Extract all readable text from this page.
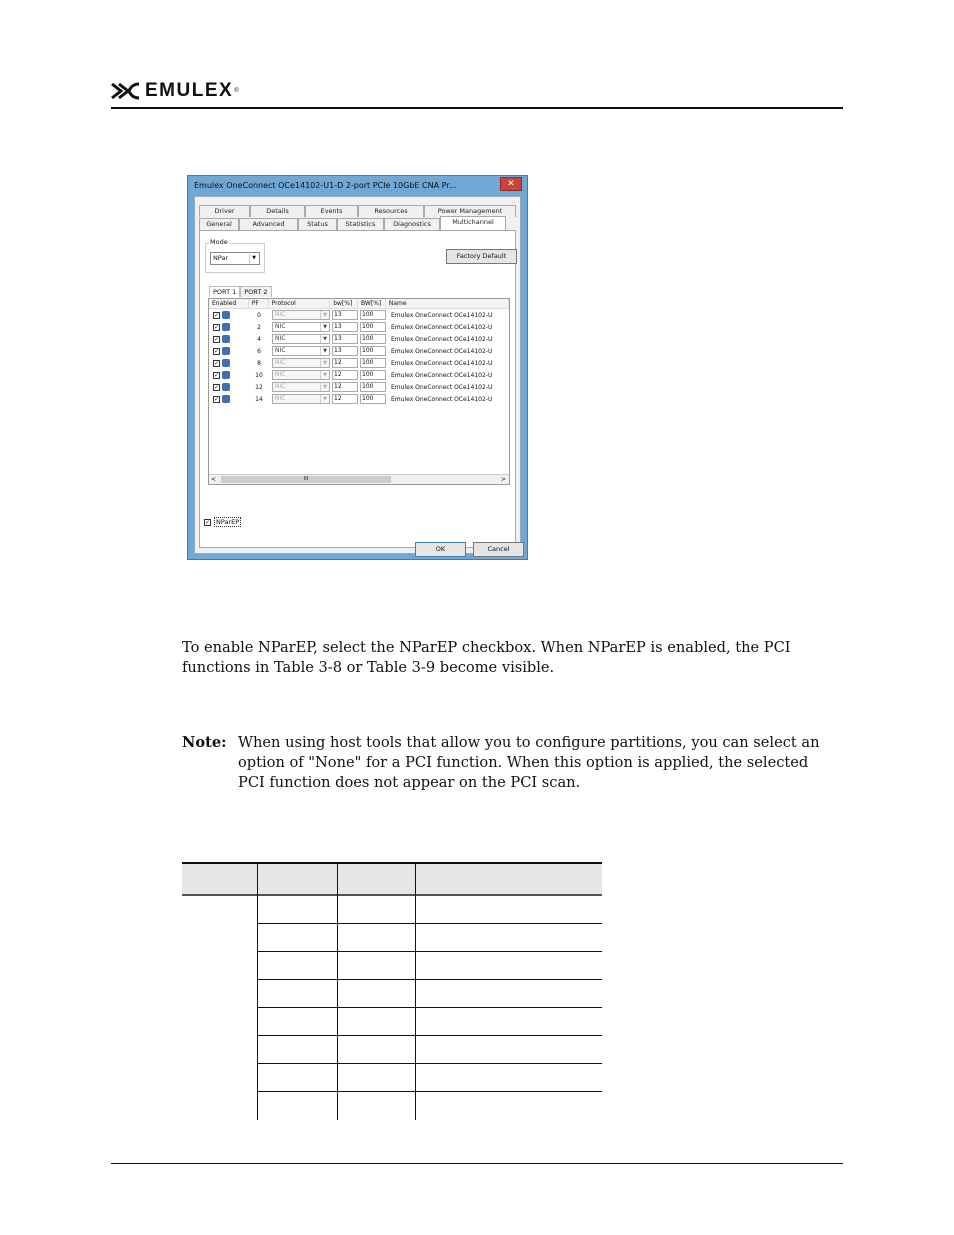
EMULEX ®
Emulex OneConnect OCe14102-U1-D 2-port PCIe 10GbE CNA Pr...	✕
Driver	Details	Events	Resources	Power Management
General	Advanced	Status	Statistics	Diagnostics	Multichannel
Mode
NPar	▼	Factory Default
PORT 1	PORT 2
Enabled	PF	Protocol	bw[%]	BW[%]	Name
✓	0	NIC	▼	13	100	Emulex OneConnect OCe14102-U
✓	2	NIC	▼	13	100	Emulex OneConnect OCe14102-U
✓	4	NIC	▼	13	100	Emulex OneConnect OCe14102-U
✓	6	NIC	▼	13	100	Emulex OneConnect OCe14102-U
✓	8	NIC	▼	12	100	Emulex OneConnect OCe14102-U
✓	10	NIC	▼	12	100	Emulex OneConnect OCe14102-U
✓	12	NIC	▼	12	100	Emulex OneConnect OCe14102-U
✓	14	NIC	▼	12	100	Emulex OneConnect OCe14102-U
<	III	>
✓ NParEP
OK	Cancel
To enable NParEP, select the NParEP checkbox. When NParEP is enabled, the PCI functions in Table 3-8 or Table 3-9 become visible.
Note: When using host tools that allow you to configure partitions, you can select an option of "None" for a PCI function. When this option is applied, the selected PCI function does not appear on the PCI scan.
